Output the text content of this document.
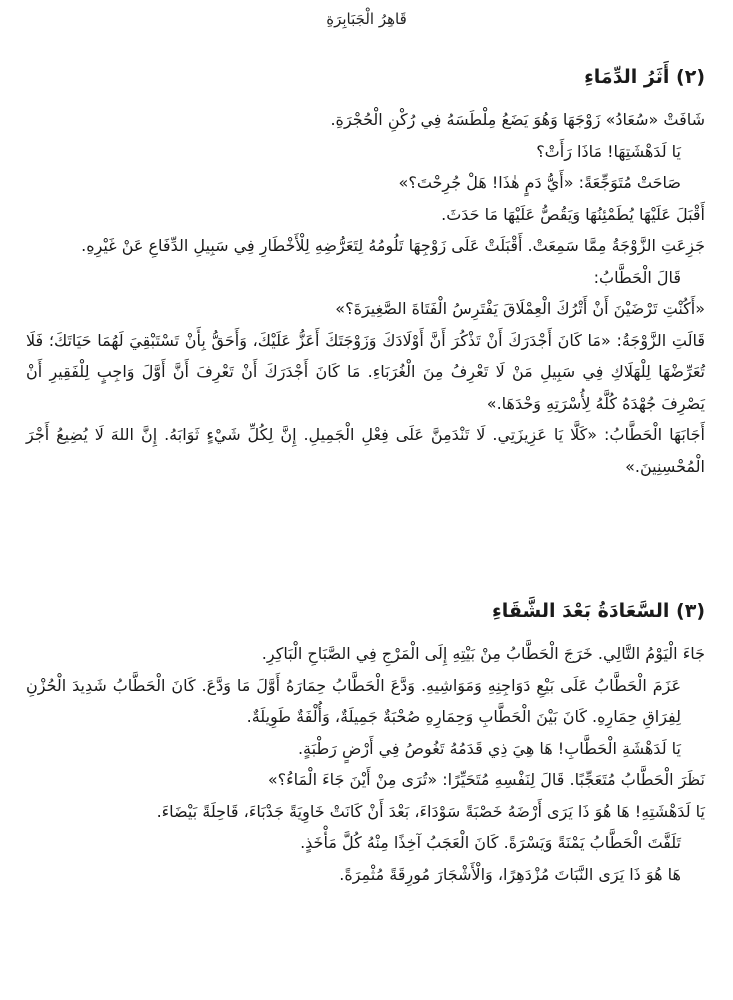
قَاهِرُ الْجَبَابِرَةِ
(٢) أَثَرُ الدِّمَاءِ

شَافَتْ «سُعَادُ» زَوْجَهَا وَهُوَ يَضَعُ مِلْطَسَهُ فِي رُكْنِ الْحُجْرَةِ.

يَا لَدَهْشَتِهَا! مَاذَا رَأَتْ؟

صَاحَتْ مُتَوَجِّعَةً: «أَيُّ دَمٍ هٰذَا! هَلْ جُرِحْتَ؟»

أَقْبَلَ عَلَيْهَا يُطَمْئِنُهَا وَيَقُصُّ عَلَيْهَا مَا حَدَثَ.

جَزِعَتِ الزَّوْجَةُ مِمَّا سَمِعَتْ. أَقْبَلَتْ عَلَى زَوْجِهَا تَلُومُهُ لِتَعَرُّضِهِ لِلْأَخْطَارِ فِي سَبِيلِ الدِّفَاعِ عَنْ غَيْرِهِ.

قَالَ الْحَطَّابُ:

«أَكُنْتِ تَرْضَيْنَ أَنْ أَتْرُكَ الْعِمْلَاقَ يَفْتَرِسُ الْفَتَاةَ الصَّغِيرَةَ؟»

قَالَتِ الزَّوْجَةُ: «مَا كَانَ أَجْدَرَكَ أَنْ تَذْكُرَ أَنَّ أَوْلَادَكَ وَزَوْجَتَكَ أَعَزُّ عَلَيْكَ، وَأَحَقُّ بِأَنْ تَسْتَبْقِيَ لَهُمَا حَيَاتَكَ؛ فَلَا تُعَرِّضْهَا لِلْهَلَاكِ فِي سَبِيلِ مَنْ لَا تَعْرِفُ مِنَ الْغُرَبَاءِ. مَا كَانَ أَجْدَرَكَ أَنْ تَعْرِفَ أَنَّ أَوَّلَ وَاجِبٍ لِلْفَقِيرِ أَنْ يَصْرِفَ جُهْدَهُ كُلَّهُ لِأُسْرَتِهِ وَحْدَهَا.»

أَجَابَهَا الْحَطَّابُ: «كَلَّا يَا عَزِيزَتِي. لَا تَنْدَمِنَّ عَلَى فِعْلِ الْجَمِيلِ. إِنَّ لِكُلِّ شَيْءٍ ثَوَابَهُ. إِنَّ اللهَ لَا يُضِيعُ أَجْرَ الْمُحْسِنِينَ.»

(٣) السَّعَادَةُ بَعْدَ الشَّقَاءِ

جَاءَ الْيَوْمُ التَّالِي. خَرَجَ الْحَطَّابُ مِنْ بَيْتِهِ إِلَى الْمَرْجِ فِي الصَّبَاحِ الْبَاكِرِ.

عَزَمَ الْحَطَّابُ عَلَى بَيْعِ دَوَاجِنِهِ وَمَوَاشِيهِ. وَدَّعَ الْحَطَّابُ حِمَارَهُ أَوَّلَ مَا وَدَّعَ. كَانَ الْحَطَّابُ شَدِيدَ الْحُزْنِ لِفِرَاقِ حِمَارِهِ. كَانَ بَيْنَ الْحَطَّابِ وَحِمَارِهِ صُحْبَةٌ جَمِيلَةٌ، وَأُلْفَةٌ طَوِيلَةٌ.

يَا لَدَهْشَةِ الْحَطَّابِ! هَا هِيَ ذِي قَدَمُهُ تَغُوصُ فِي أَرْضٍ رَطْبَةٍ.

نَظَرَ الْحَطَّابُ مُتَعَجِّبًا. قَالَ لِنَفْسِهِ مُتَحَيِّرًا: «تُرَى مِنْ أَيْنَ جَاءَ الْمَاءُ؟»

يَا لَدَهْشَتِهِ! هَا هُوَ ذَا يَرَى أَرْضَهُ خَصْبَةً سَوْدَاءَ، بَعْدَ أَنْ كَانَتْ خَاوِيَةً جَدْبَاءَ، قَاحِلَةً بَيْضَاءَ.

تَلَفَّتَ الْحَطَّابُ يَمْنَةً وَيَسْرَةً. كَانَ الْعَجَبُ آخِذًا مِنْهُ كُلَّ مَأْخَذٍ.

هَا هُوَ ذَا يَرَى النَّبَاتَ مُزْدَهِرًا، وَالْأَشْجَارَ مُورِقَةً مُثْمِرَةً.
